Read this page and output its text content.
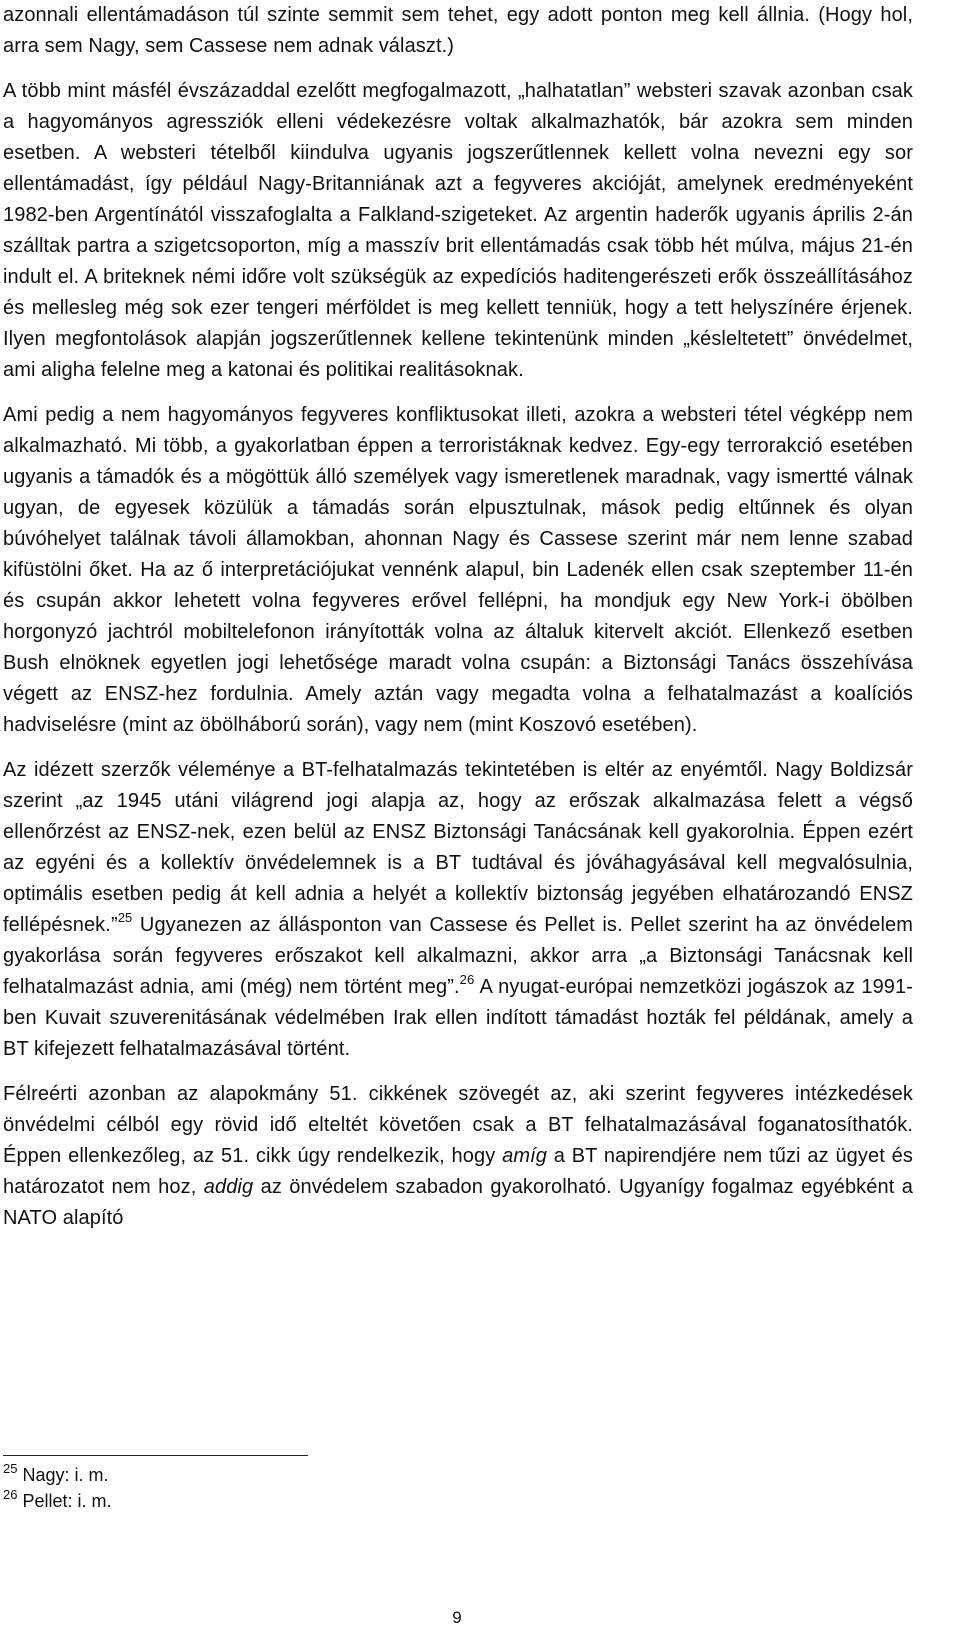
azonnali ellentámadáson túl szinte semmit sem tehet, egy adott ponton meg kell állnia. (Hogy hol, arra sem Nagy, sem Cassese nem adnak választ.)

A több mint másfél évszázaddal ezelőtt megfogalmazott, „halhatatlan” websteri szavak azonban csak a hagyományos agressziók elleni védekezésre voltak alkalmazhatók, bár azokra sem minden esetben. A websteri tételből kiindulva ugyanis jogszerűtlennek kellett volna nevezni egy sor ellentámadást, így például Nagy-Britanniának azt a fegyveres akcióját, amelynek eredményeként 1982-ben Argentínától visszafoglalta a Falkland-szigeteket. Az argentin haderők ugyanis április 2-án szálltak partra a szigetcsoporton, míg a masszív brit ellentámadás csak több hét múlva, május 21-én indult el. A briteknek némi időre volt szükségük az expedíciós haditengerészeti erők összeállításához és mellesleg még sok ezer tengeri mérföldet is meg kellett tenniük, hogy a tett helyszínére érjenek. Ilyen megfontolások alapján jogszerűtlennek kellene tekintenünk minden „késleltetett” önvédelmet, ami aligha felelne meg a katonai és politikai realitásoknak.

Ami pedig a nem hagyományos fegyveres konfliktusokat illeti, azokra a websteri tétel végképp nem alkalmazható. Mi több, a gyakorlatban éppen a terroristáknak kedvez. Egy-egy terrorakció esetében ugyanis a támadók és a mögöttük álló személyek vagy ismeretlenek maradnak, vagy ismertté válnak ugyan, de egyesek közülük a támadás során elpusztulnak, mások pedig eltűnnek és olyan búvóhelyet találnak távoli államokban, ahonnan Nagy és Cassese szerint már nem lenne szabad kifüstölni őket. Ha az ő interpretációjukat vennénk alapul, bin Ladenék ellen csak szeptember 11-én és csupán akkor lehetett volna fegyveres erővel fellépni, ha mondjuk egy New York-i öbölben horgonyzó jachtról mobiltelefonon irányították volna az általuk kitervelt akciót. Ellenkező esetben Bush elnöknek egyetlen jogi lehetősége maradt volna csupán: a Biztonsági Tanács összehívása végett az ENSZ-hez fordulnia. Amely aztán vagy megadta volna a felhatalmazást a koalíciós hadviselésre (mint az öbölháború során), vagy nem (mint Koszovó esetében).

Az idézett szerzők véleménye a BT-felhatalmazás tekintetében is eltér az enyémtől. Nagy Boldizsár szerint „az 1945 utáni világrend jogi alapja az, hogy az erőszak alkalmazása felett a végső ellenőrzést az ENSZ-nek, ezen belül az ENSZ Biztonsági Tanácsának kell gyakorolnia. Éppen ezért az egyéni és a kollektív önvédelemnek is a BT tudtával és jóváhagyásával kell megvalósulnia, optimális esetben pedig át kell adnia a helyét a kollektív biztonság jegyében elhatározandó ENSZ fellépésnek.”$^{25}$ Ugyanezen az állásponton van Cassese és Pellet is. Pellet szerint ha az önvédelem gyakorlása során fegyveres erőszakot kell alkalmazni, akkor arra „a Biztonsági Tanácsnak kell felhatalmazást adnia, ami (még) nem történt meg”.$^{26}$ A nyugat-európai nemzetközi jogászok az 1991-ben Kuvait szuverenitásának védelmében Irak ellen indított támadást hozták fel példának, amely a BT kifejezett felhatalmazásával történt.

Félreérti azonban az alapokmány 51. cikkének szövegét az, aki szerint fegyveres intézkedések önvédelmi célból egy rövid idő elteltét követően csak a BT felhatalmazásával foganatosíthatók. Éppen ellenkezőleg, az 51. cikk úgy rendelkezik, hogy amíg a BT napirendjére nem tűzi az ügyet és határozatot nem hoz, addig az önvédelem szabadon gyakorolható. Ugyanígy fogalmaz egyébként a NATO alapító

$^{25}$ Nagy: i. m.

$^{26}$ Pellet: i. m.

9
